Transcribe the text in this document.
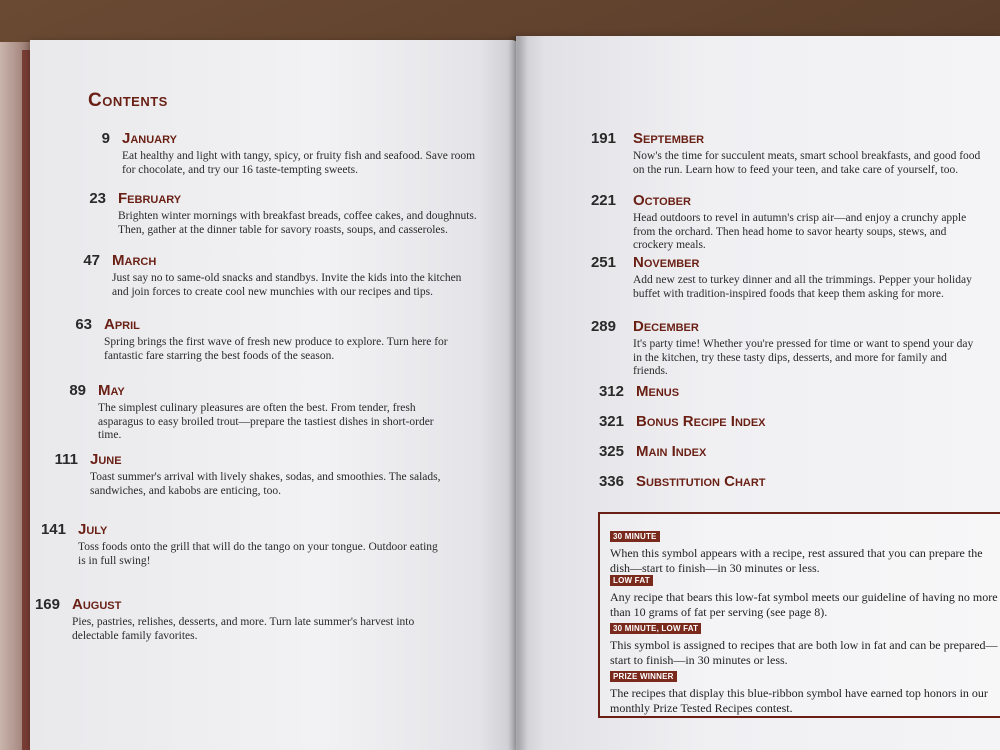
Contents
9 January
Eat healthy and light with tangy, spicy, or fruity fish and seafood. Save room for chocolate, and try our 16 taste-tempting sweets.
23 February
Brighten winter mornings with breakfast breads, coffee cakes, and doughnuts. Then, gather at the dinner table for savory roasts, soups, and casseroles.
47 March
Just say no to same-old snacks and standbys. Invite the kids into the kitchen and join forces to create cool new munchies with our recipes and tips.
63 April
Spring brings the first wave of fresh new produce to explore. Turn here for fantastic fare starring the best foods of the season.
89 May
The simplest culinary pleasures are often the best. From tender, fresh asparagus to easy broiled trout—prepare the tastiest dishes in short-order time.
111 June
Toast summer's arrival with lively shakes, sodas, and smoothies. The salads, sandwiches, and kabobs are enticing, too.
141 July
Toss foods onto the grill that will do the tango on your tongue. Outdoor eating is in full swing!
169 August
Pies, pastries, relishes, desserts, and more. Turn late summer's harvest into delectable family favorites.
191 September
Now's the time for succulent meats, smart school breakfasts, and good food on the run. Learn how to feed your teen, and take care of yourself, too.
221 October
Head outdoors to revel in autumn's crisp air—and enjoy a crunchy apple from the orchard. Then head home to savor hearty soups, stews, and crockery meals.
251 November
Add new zest to turkey dinner and all the trimmings. Pepper your holiday buffet with tradition-inspired foods that keep them asking for more.
289 December
It's party time! Whether you're pressed for time or want to spend your day in the kitchen, try these tasty dips, desserts, and more for family and friends.
312 Menus
321 Bonus Recipe Index
325 Main Index
336 Substitution Chart
30 MINUTE
When this symbol appears with a recipe, rest assured that you can prepare the dish—start to finish—in 30 minutes or less.
LOW FAT
Any recipe that bears this low-fat symbol meets our guideline of having no more than 10 grams of fat per serving (see page 8).
30 MINUTE, LOW FAT
This symbol is assigned to recipes that are both low in fat and can be prepared—start to finish—in 30 minutes or less.
PRIZE WINNER
The recipes that display this blue-ribbon symbol have earned top honors in our monthly Prize Tested Recipes contest.
